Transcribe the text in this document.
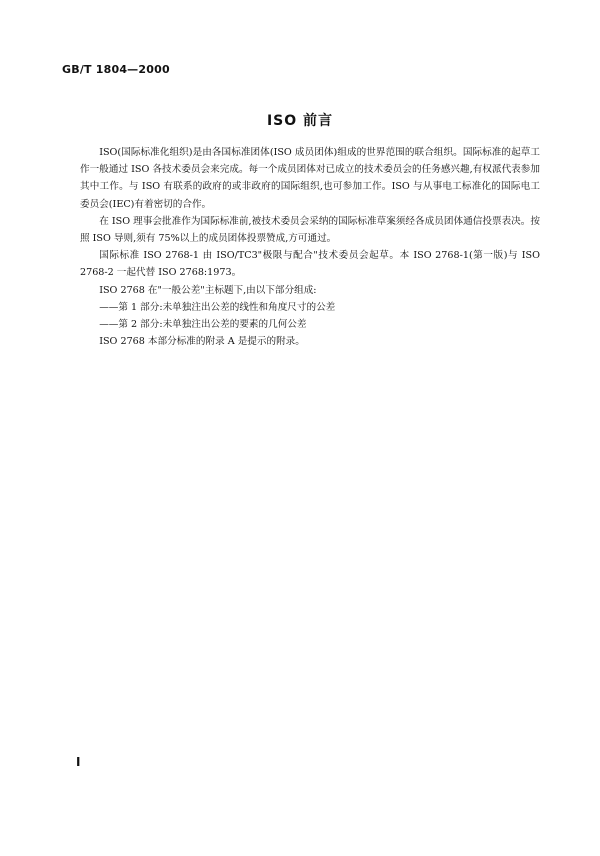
GB/T 1804—2000
ISO 前言

ISO(国际标准化组织)是由各国标准团体(ISO 成员团体)组成的世界范围的联合组织。国际标准的起草工作一般通过 ISO 各技术委员会来完成。每一个成员团体对已成立的技术委员会的任务感兴趣,有权派代表参加其中工作。与 ISO 有联系的政府的或非政府的国际组织,也可参加工作。ISO 与从事电工标准化的国际电工委员会(IEC)有着密切的合作。

在 ISO 理事会批准作为国际标准前,被技术委员会采纳的国际标准草案须经各成员团体通信投票表决。按照 ISO 导则,须有 75%以上的成员团体投票赞成,方可通过。

国际标准 ISO 2768-1 由 ISO/TC3"极限与配合"技术委员会起草。本 ISO 2768-1(第一版)与 ISO 2768-2 一起代替 ISO 2768:1973。

ISO 2768 在"一般公差"主标题下,由以下部分组成:

——第 1 部分:未单独注出公差的线性和角度尺寸的公差

——第 2 部分:未单独注出公差的要素的几何公差

ISO 2768 本部分标准的附录 A 是提示的附录。

I
